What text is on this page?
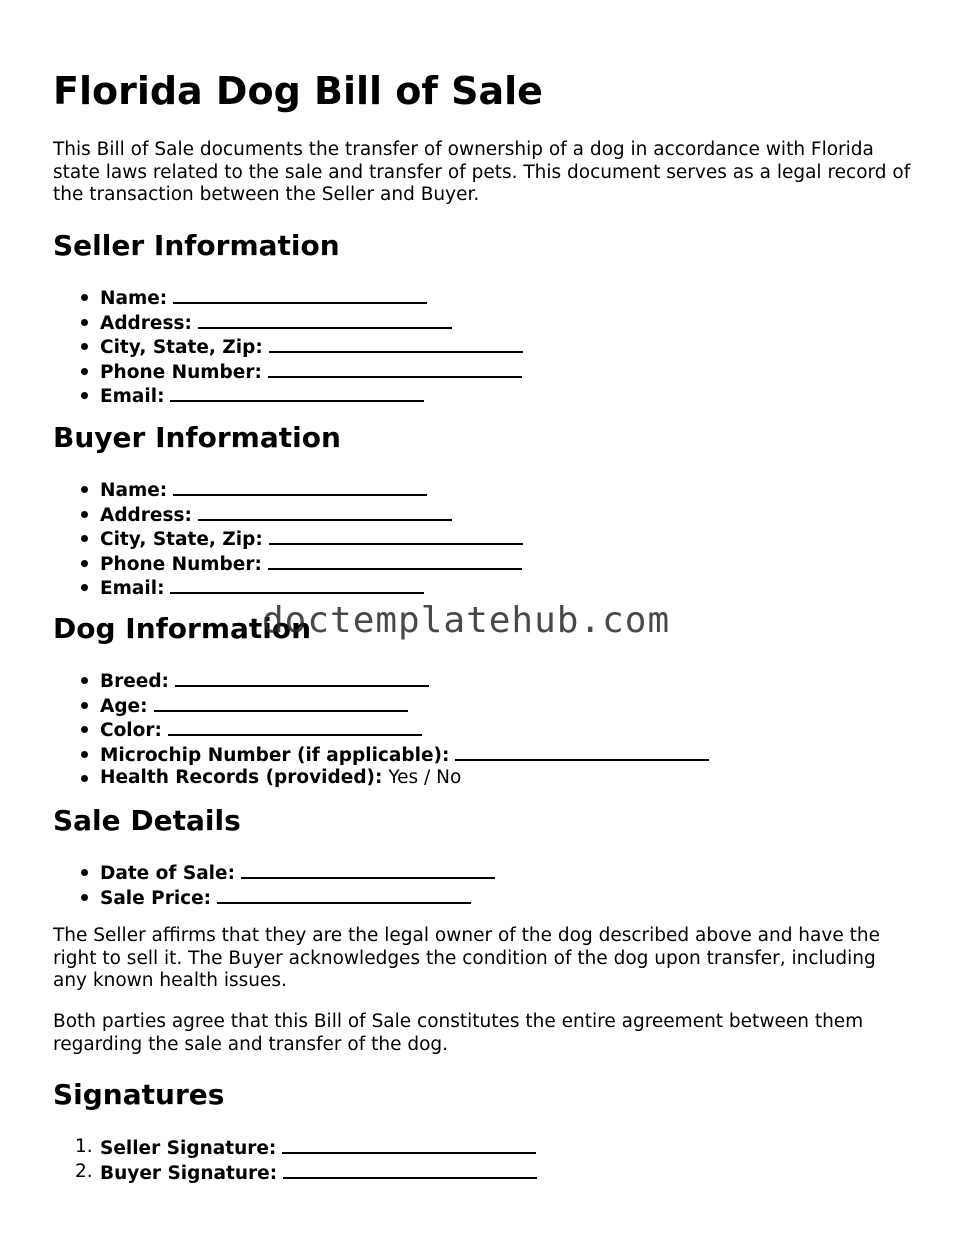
Florida Dog Bill of Sale

This Bill of Sale documents the transfer of ownership of a dog in accordance with Florida state laws related to the sale and transfer of pets. This document serves as a legal record of the transaction between the Seller and Buyer.

Seller Information
Name:
Address:
City, State, Zip:
Phone Number:
Email:
Buyer Information
Name:
Address:
City, State, Zip:
Phone Number:
Email:
Dog Information
Breed:
Age:
Color:
Microchip Number (if applicable):
Health Records (provided): Yes / No
Sale Details
Date of Sale:
Sale Price:

The Seller affirms that they are the legal owner of the dog described above and have the right to sell it. The Buyer acknowledges the condition of the dog upon transfer, including any known health issues.

Both parties agree that this Bill of Sale constitutes the entire agreement between them regarding the sale and transfer of the dog.

Signatures
1. Seller Signature:
2. Buyer Signature:
doctemplatehub.com
